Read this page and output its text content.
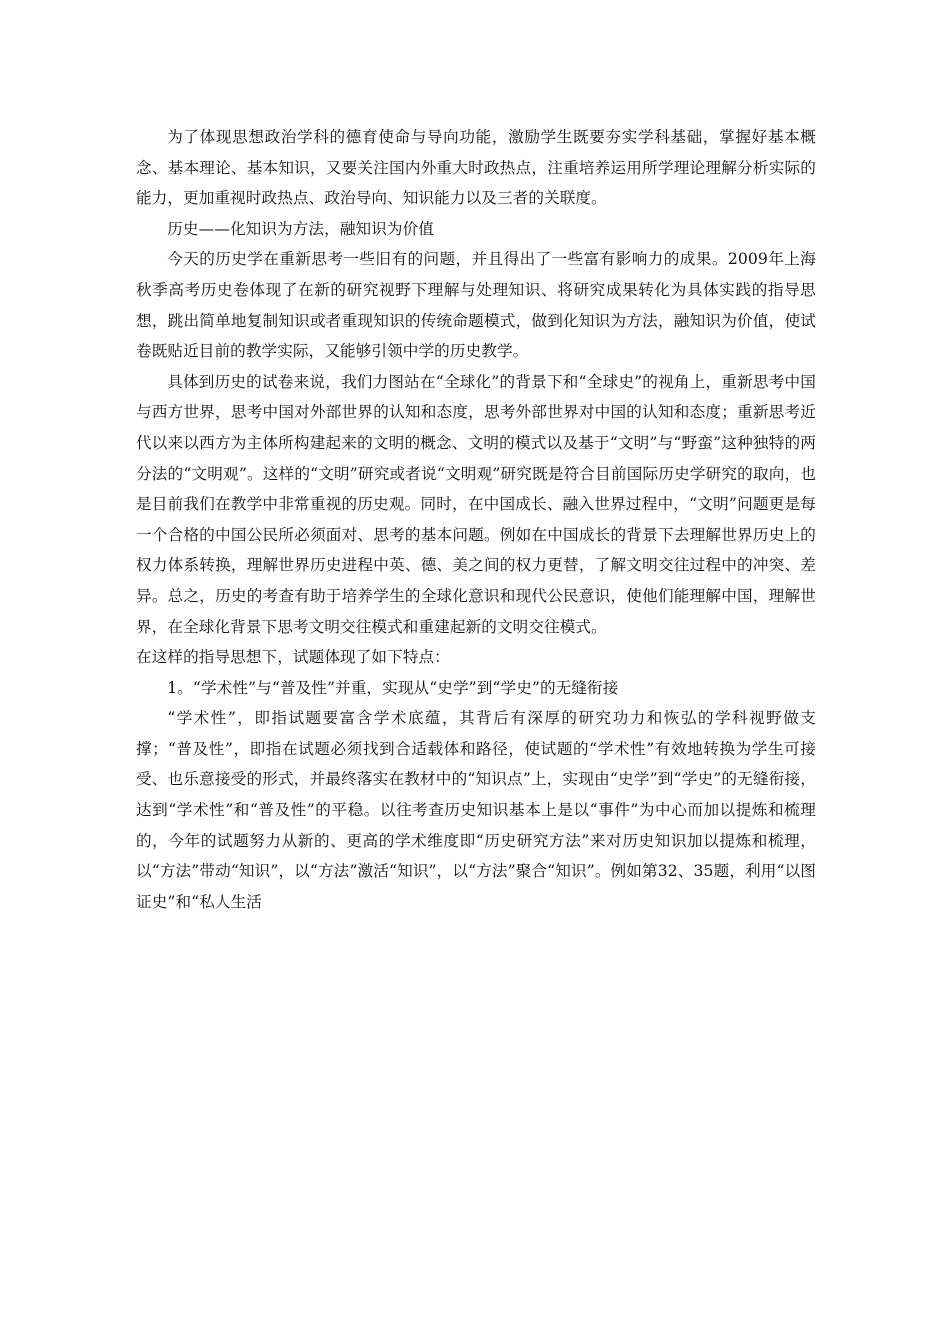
为了体现思想政治学科的德育使命与导向功能，激励学生既要夯实学科基础，掌握好基本概念、基本理论、基本知识，又要关注国内外重大时政热点，注重培养运用所学理论理解分析实际的能力，更加重视时政热点、政治导向、知识能力以及三者的关联度。

历史——化知识为方法，融知识为价值

今天的历史学在重新思考一些旧有的问题，并且得出了一些富有影响力的成果。2009年上海秋季高考历史卷体现了在新的研究视野下理解与处理知识、将研究成果转化为具体实践的指导思想，跳出简单地复制知识或者重现知识的传统命题模式，做到化知识为方法，融知识为价值，使试卷既贴近目前的教学实际，又能够引领中学的历史教学。

具体到历史的试卷来说，我们力图站在“全球化”的背景下和“全球史”的视角上，重新思考中国与西方世界，思考中国对外部世界的认知和态度，思考外部世界对中国的认知和态度；重新思考近代以来以西方为主体所构建起来的文明的概念、文明的模式以及基于“文明”与“野蛮”这种独特的两分法的“文明观”。这样的“文明”研究或者说“文明观”研究既是符合目前国际历史学研究的取向，也是目前我们在教学中非常重视的历史观。同时，在中国成长、融入世界过程中，“文明”问题更是每一个合格的中国公民所必须面对、思考的基本问题。例如在中国成长的背景下去理解世界历史上的权力体系转换，理解世界历史进程中英、德、美之间的权力更替，了解文明交往过程中的冲突、差异。总之，历史的考查有助于培养学生的全球化意识和现代公民意识，使他们能理解中国，理解世界，在全球化背景下思考文明交往模式和重建起新的文明交往模式。

在这样的指导思想下，试题体现了如下特点：

1。“学术性”与“普及性”并重，实现从“史学”到“学史”的无缝衔接

“学术性”，即指试题要富含学术底蕴，其背后有深厚的研究功力和恢弘的学科视野做支撑；“普及性”，即指在试题必须找到合适载体和路径，使试题的“学术性”有效地转换为学生可接受、也乐意接受的形式，并最终落实在教材中的“知识点”上，实现由“史学”到“学史”的无缝衔接，达到“学术性”和“普及性”的平稳。以往考查历史知识基本上是以“事件”为中心而加以提炼和梳理的，今年的试题努力从新的、更高的学术维度即“历史研究方法”来对历史知识加以提炼和梳理，以“方法”带动“知识”，以“方法”激活“知识”，以“方法”聚合“知识”。例如第32、35题，利用“以图证史”和“私人生活
